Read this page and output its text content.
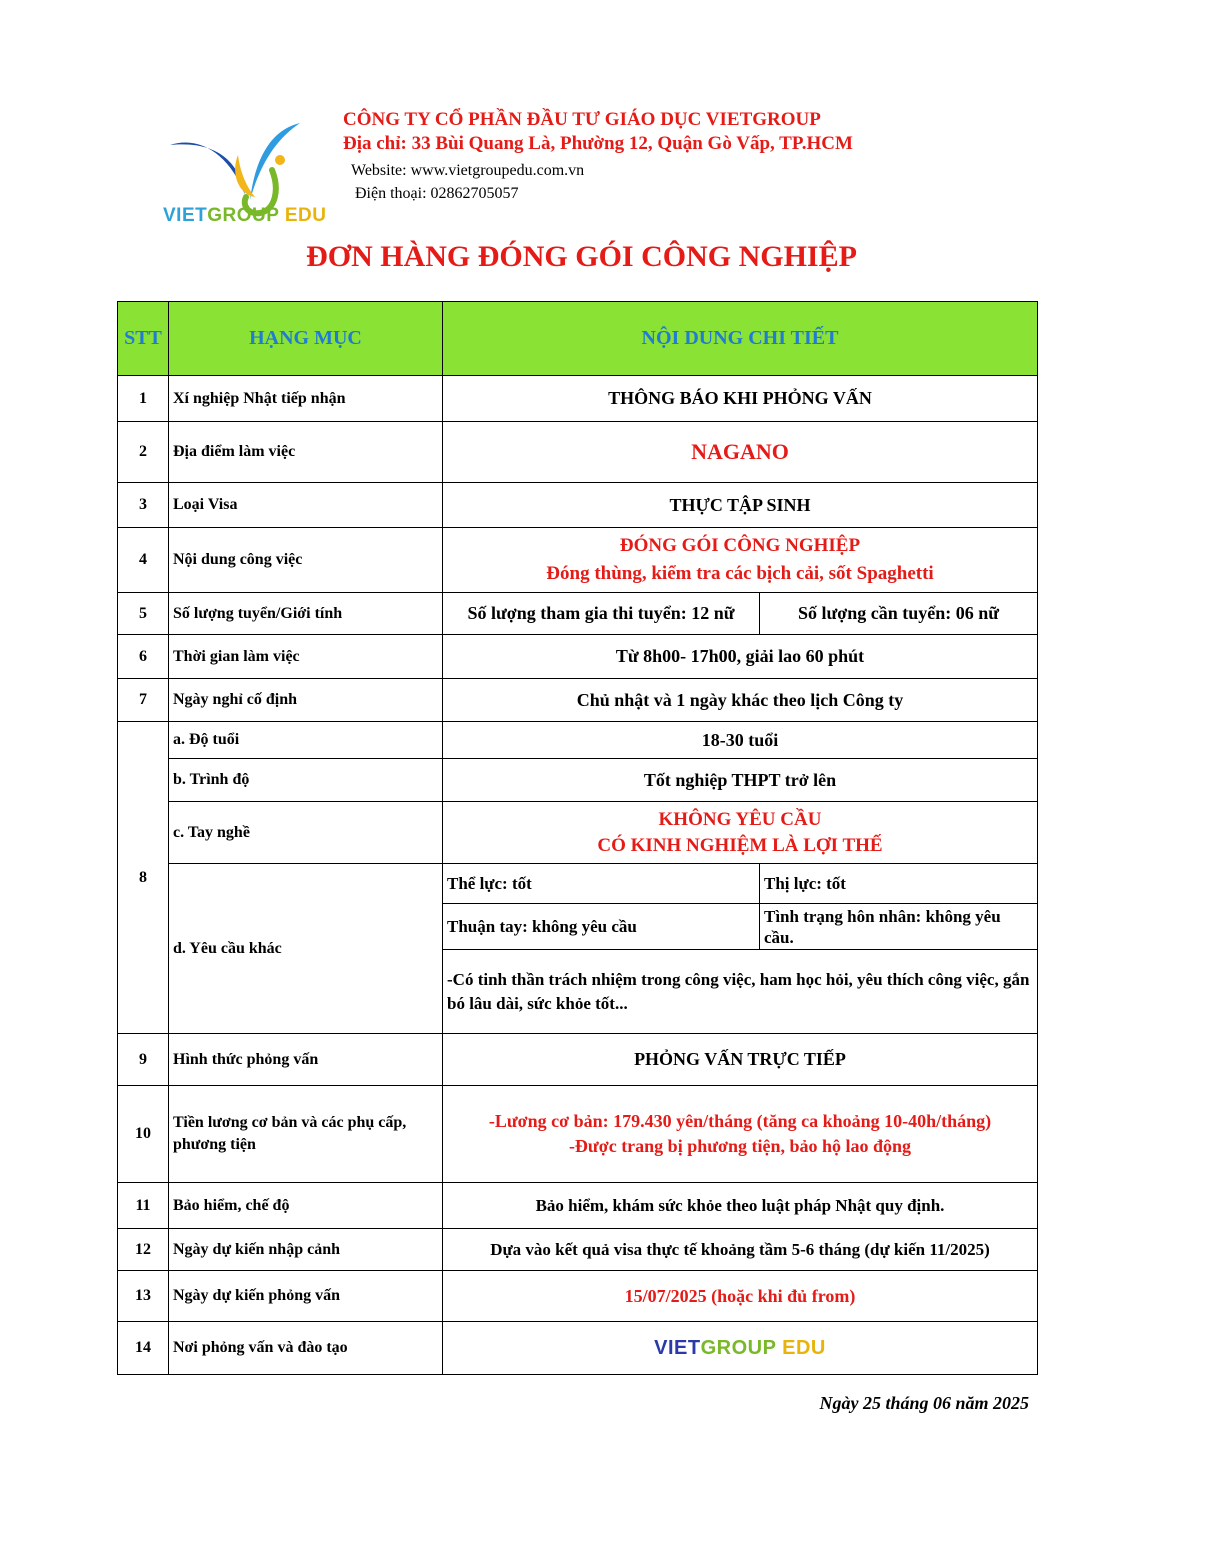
VIETGROUP EDU
CÔNG TY CỔ PHẦN ĐẦU TƯ GIÁO DỤC VIETGROUP
Địa chỉ: 33 Bùi Quang Là, Phường 12, Quận Gò Vấp, TP.HCM
Website: www.vietgroupedu.com.vn
Điện thoại: 02862705057
ĐƠN HÀNG ĐÓNG GÓI CÔNG NGHIỆP
STT	HẠNG MỤC	NỘI DUNG CHI TIẾT	
1	Xí nghiệp Nhật tiếp nhận	THÔNG BÁO KHI PHỎNG VẤN	
2	Địa điểm làm việc	NAGANO	
3	Loại Visa	THỰC TẬP SINH	
4	Nội dung công việc	ĐÓNG GÓI CÔNG NGHIỆP
Đóng thùng, kiểm tra các bịch cải, sốt Spaghetti	

5	Số lượng tuyển/Giới tính	Số lượng tham gia thi tuyển: 12 nữ	Số lượng cần tuyển: 06 nữ
6	Thời gian làm việc	Từ 8h00- 17h00, giải lao 60 phút	
7	Ngày nghỉ cố định	Chủ nhật và 1 ngày khác theo lịch Công ty	
8	a. Độ tuổi	18-30 tuổi	
	b. Trình độ	Tốt nghiệp THPT trở lên	
	c. Tay nghề	KHÔNG YÊU CẦU
CÓ KINH NGHIỆM LÀ LỢI THẾ	

	d. Yêu cầu khác	Thể lực: tốt	Thị lực: tốt
		Thuận tay: không yêu cầu	Tình trạng hôn nhân: không yêu cầu.
		-Có tinh thần trách nhiệm trong công việc, ham học hỏi, yêu thích công việc, gắn bó lâu dài, sức khỏe tốt...	
9	Hình thức phỏng vấn	PHỎNG VẤN TRỰC TIẾP	
10	Tiền lương cơ bản và các phụ cấp, phương tiện	-Lương cơ bản: 179.430 yên/tháng (tăng ca khoảng 10-40h/tháng)
-Được trang bị phương tiện, bảo hộ lao động	

11	Bảo hiểm, chế độ	Bảo hiểm, khám sức khỏe theo luật pháp Nhật quy định.	
12	Ngày dự kiến nhập cảnh	Dựa vào kết quả visa thực tế khoảng tầm 5-6 tháng (dự kiến 11/2025)	
13	Ngày dự kiến phỏng vấn	15/07/2025 (hoặc khi đủ from)	
14	Nơi phỏng vấn và đào tạo	VIETGROUP EDU	
Ngày 25 tháng 06 năm 2025
